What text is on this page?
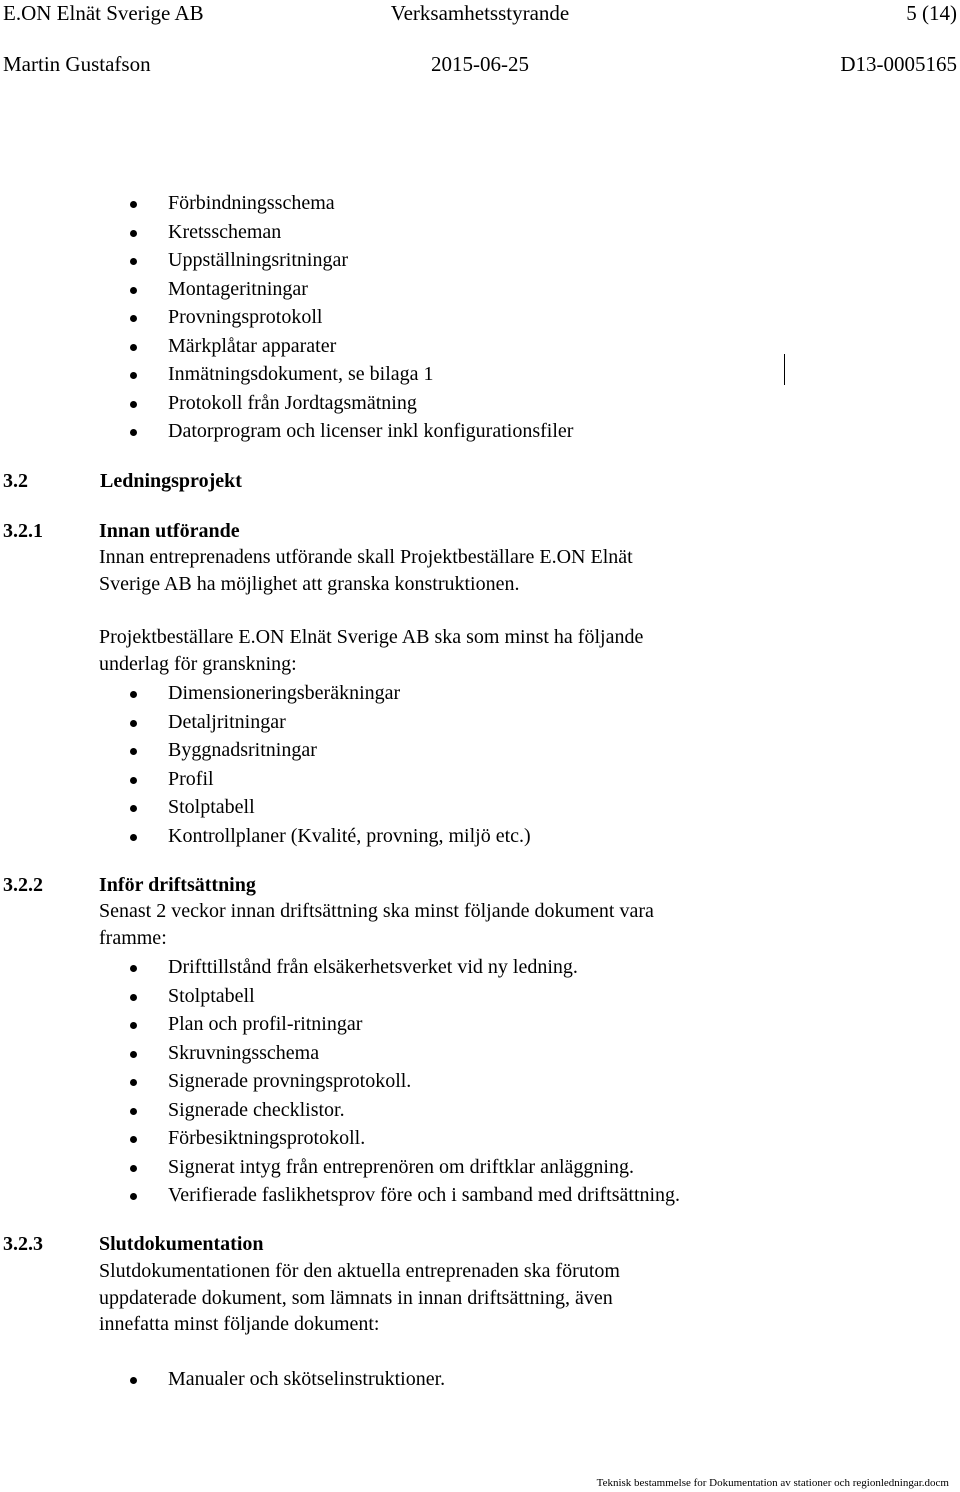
E.ON Elnät Sverige AB	Verksamhetsstyrande	5 (14)
Martin Gustafson	2015-06-25	D13-0005165
Förbindningsschema
Kretsscheman
Uppställningsritningar
Montageritningar
Provningsprotokoll
Märkplåtar apparater
Inmätningsdokument, se bilaga 1
Protokoll från Jordtagsmätning
Datorprogram och licenser inkl konfigurationsfiler
3.2	Ledningsprojekt
3.2.1	Innan utförande
Innan entreprenadens utförande skall Projektbeställare E.ON Elnät
Sverige AB ha möjlighet att granska konstruktionen.
Projektbeställare E.ON Elnät Sverige AB ska som minst ha följande
underlag för granskning:
Dimensioneringsberäkningar
Detaljritningar
Byggnadsritningar
Profil
Stolptabell
Kontrollplaner (Kvalité, provning, miljö etc.)
3.2.2	Inför driftsättning
Senast 2 veckor innan driftsättning ska minst följande dokument vara
framme:
Drifttillstånd från elsäkerhetsverket vid ny ledning.
Stolptabell
Plan och profil-ritningar
Skruvningsschema
Signerade provningsprotokoll.
Signerade checklistor.
Förbesiktningsprotokoll.
Signerat intyg från entreprenören om driftklar anläggning.
Verifierade faslikhetsprov före och i samband med driftsättning.
3.2.3	Slutdokumentation
Slutdokumentationen för den aktuella entreprenaden ska förutom
uppdaterade dokument, som lämnats in innan driftsättning, även
innefatta minst följande dokument:
Manualer och skötselinstruktioner.
Teknisk bestammelse for Dokumentation av stationer och regionledningar.docm
